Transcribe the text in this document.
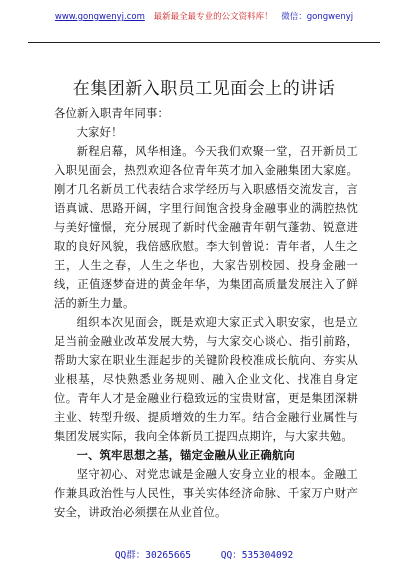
www.gongwenyj.com 最新最全最专业的公文资料库！ 微信：gongwenyj
在集团新入职员工见面会上的讲话

各位新入职青年同事：

大家好！

新程启幕，风华相逢。今天我们欢聚一堂，召开新员工入职见面会，热烈欢迎各位青年英才加入金融集团大家庭。刚才几名新员工代表结合求学经历与入职感悟交流发言，言语真诚、思路开阔，字里行间饱含投身金融事业的满腔热忱与美好憧憬，充分展现了新时代金融青年朝气蓬勃、锐意进取的良好风貌，我倍感欣慰。李大钊曾说：青年者，人生之王，人生之春，人生之华也，大家告别校园、投身金融一线，正值逐梦奋进的黄金年华，为集团高质量发展注入了鲜活的新生力量。

组织本次见面会，既是欢迎大家正式入职安家，也是立足当前金融业改革发展大势，与大家交心谈心、指引前路，帮助大家在职业生涯起步的关键阶段校准成长航向、夯实从业根基，尽快熟悉业务规则、融入企业文化、找准自身定位。青年人才是金融业行稳致远的宝贵财富，更是集团深耕主业、转型升级、提质增效的生力军。结合金融行业属性与集团发展实际，我向全体新员工提四点期许，与大家共勉。

一、筑牢思想之基，锚定金融从业正确航向

坚守初心、对党忠诚是金融人安身立业的根本。金融工作兼具政治性与人民性，事关实体经济命脉、千家万户财产安全，讲政治必须摆在从业首位。

QQ群：30265665	QQ：535304092
